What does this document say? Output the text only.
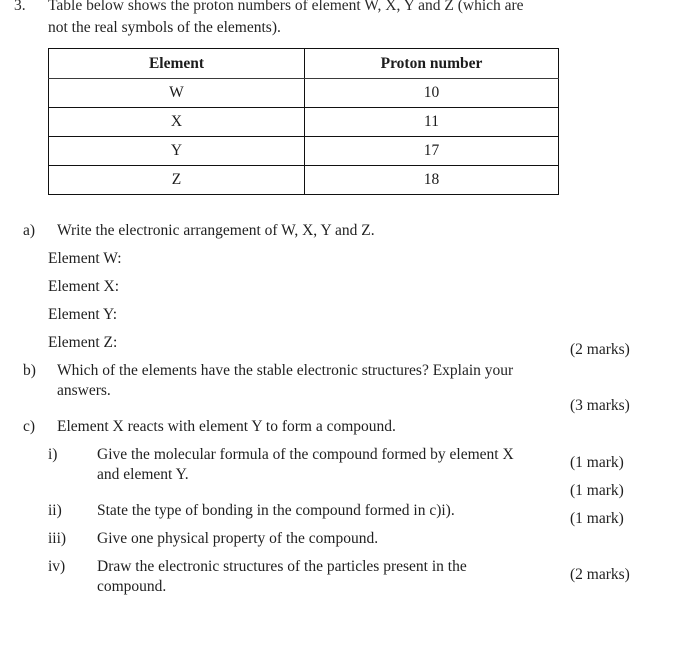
3. Table below shows the proton numbers of element W, X, Y and Z (which are
not the real symbols of the elements).
Element	Proton number
W	10
X	11
Y	17
Z	18
a)	Write the electronic arrangement of W, X, Y and Z.
Element W:
Element X:
Element Y:
Element Z:
b)	Which of the elements have the stable electronic structures? Explain your
answers.
c)	Element X reacts with element Y to form a compound.
i)	Give the molecular formula of the compound formed by element X
and element Y.
ii)	State the type of bonding in the compound formed in c)i).
iii)	Give one physical property of the compound.
iv)	Draw the electronic structures of the particles present in the
compound.
(2 marks)
(3 marks)
(1 mark)
(1 mark)
(1 mark)
(2 marks)
